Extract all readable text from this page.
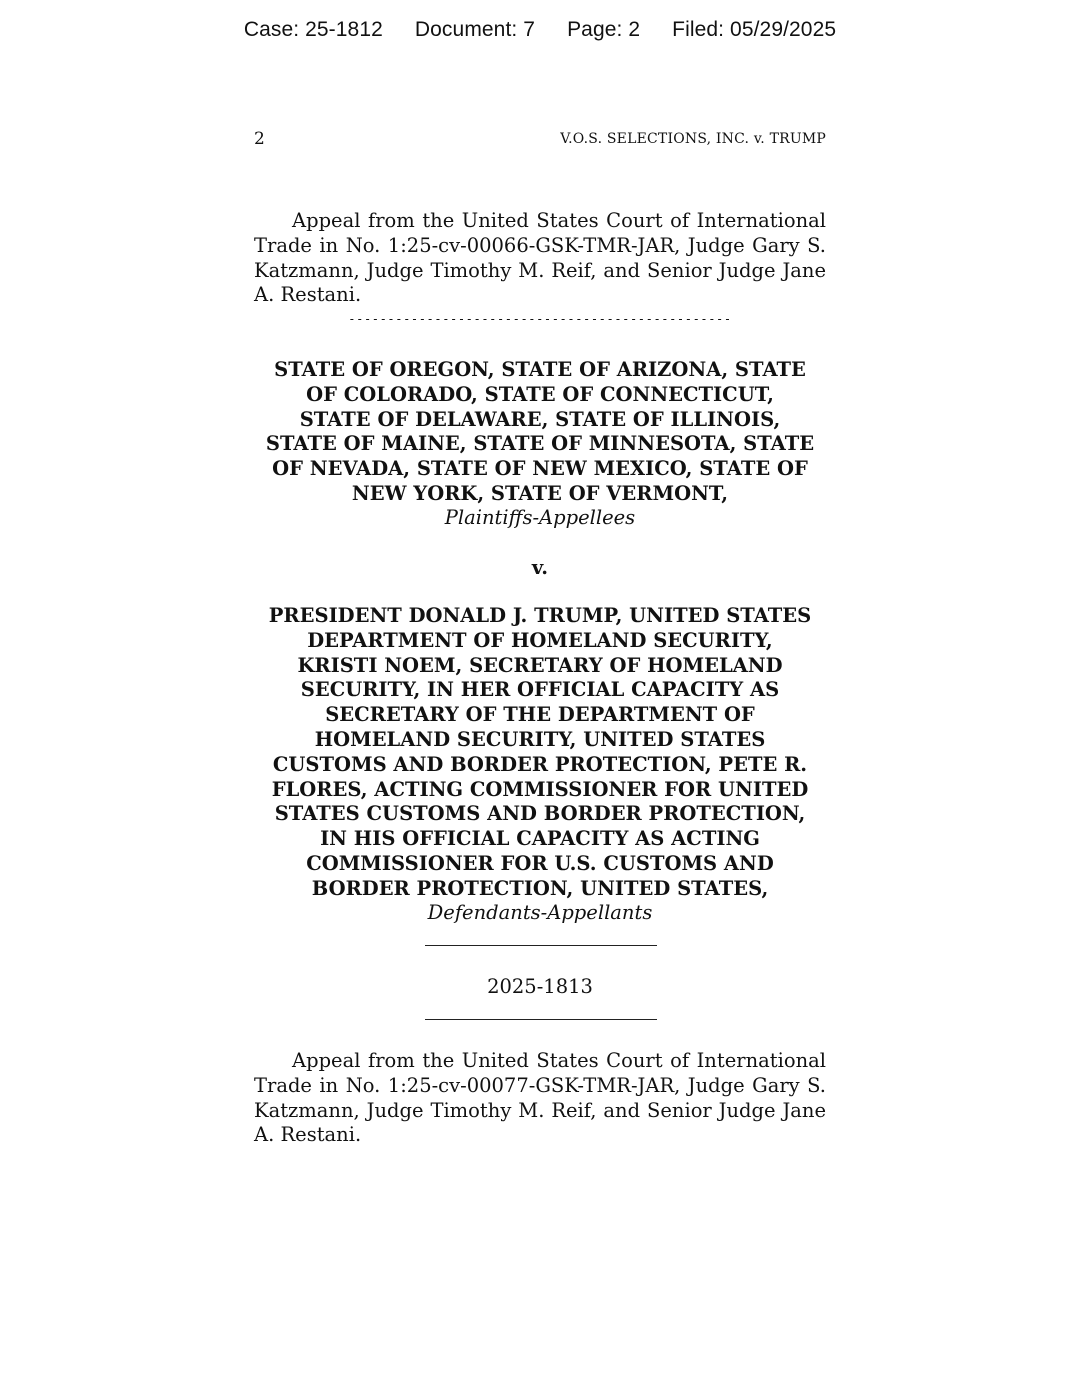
Case: 25-1812 Document: 7 Page: 2 Filed: 05/29/2025
2	V.O.S. SELECTIONS, INC. v. TRUMP

Appeal from the United States Court of International Trade in No. 1:25-cv-00066-GSK-TMR-JAR, Judge Gary S. Katzmann, Judge Timothy M. Reif, and Senior Judge Jane A. Restani.

-------------------------------------------------

STATE OF OREGON, STATE OF ARIZONA, STATE
OF COLORADO, STATE OF CONNECTICUT,
STATE OF DELAWARE, STATE OF ILLINOIS,
STATE OF MAINE, STATE OF MINNESOTA, STATE
OF NEVADA, STATE OF NEW MEXICO, STATE OF
NEW YORK, STATE OF VERMONT,

Plaintiffs-Appellees
v.

PRESIDENT DONALD J. TRUMP, UNITED STATES
DEPARTMENT OF HOMELAND SECURITY,
KRISTI NOEM, SECRETARY OF HOMELAND
SECURITY, IN HER OFFICIAL CAPACITY AS
SECRETARY OF THE DEPARTMENT OF
HOMELAND SECURITY, UNITED STATES
CUSTOMS AND BORDER PROTECTION, PETE R.
FLORES, ACTING COMMISSIONER FOR UNITED
STATES CUSTOMS AND BORDER PROTECTION,
IN HIS OFFICIAL CAPACITY AS ACTING
COMMISSIONER FOR U.S. CUSTOMS AND
BORDER PROTECTION, UNITED STATES,

Defendants-Appellants
2025-1813

Appeal from the United States Court of International Trade in No. 1:25-cv-00077-GSK-TMR-JAR, Judge Gary S. Katzmann, Judge Timothy M. Reif, and Senior Judge Jane A. Restani.
